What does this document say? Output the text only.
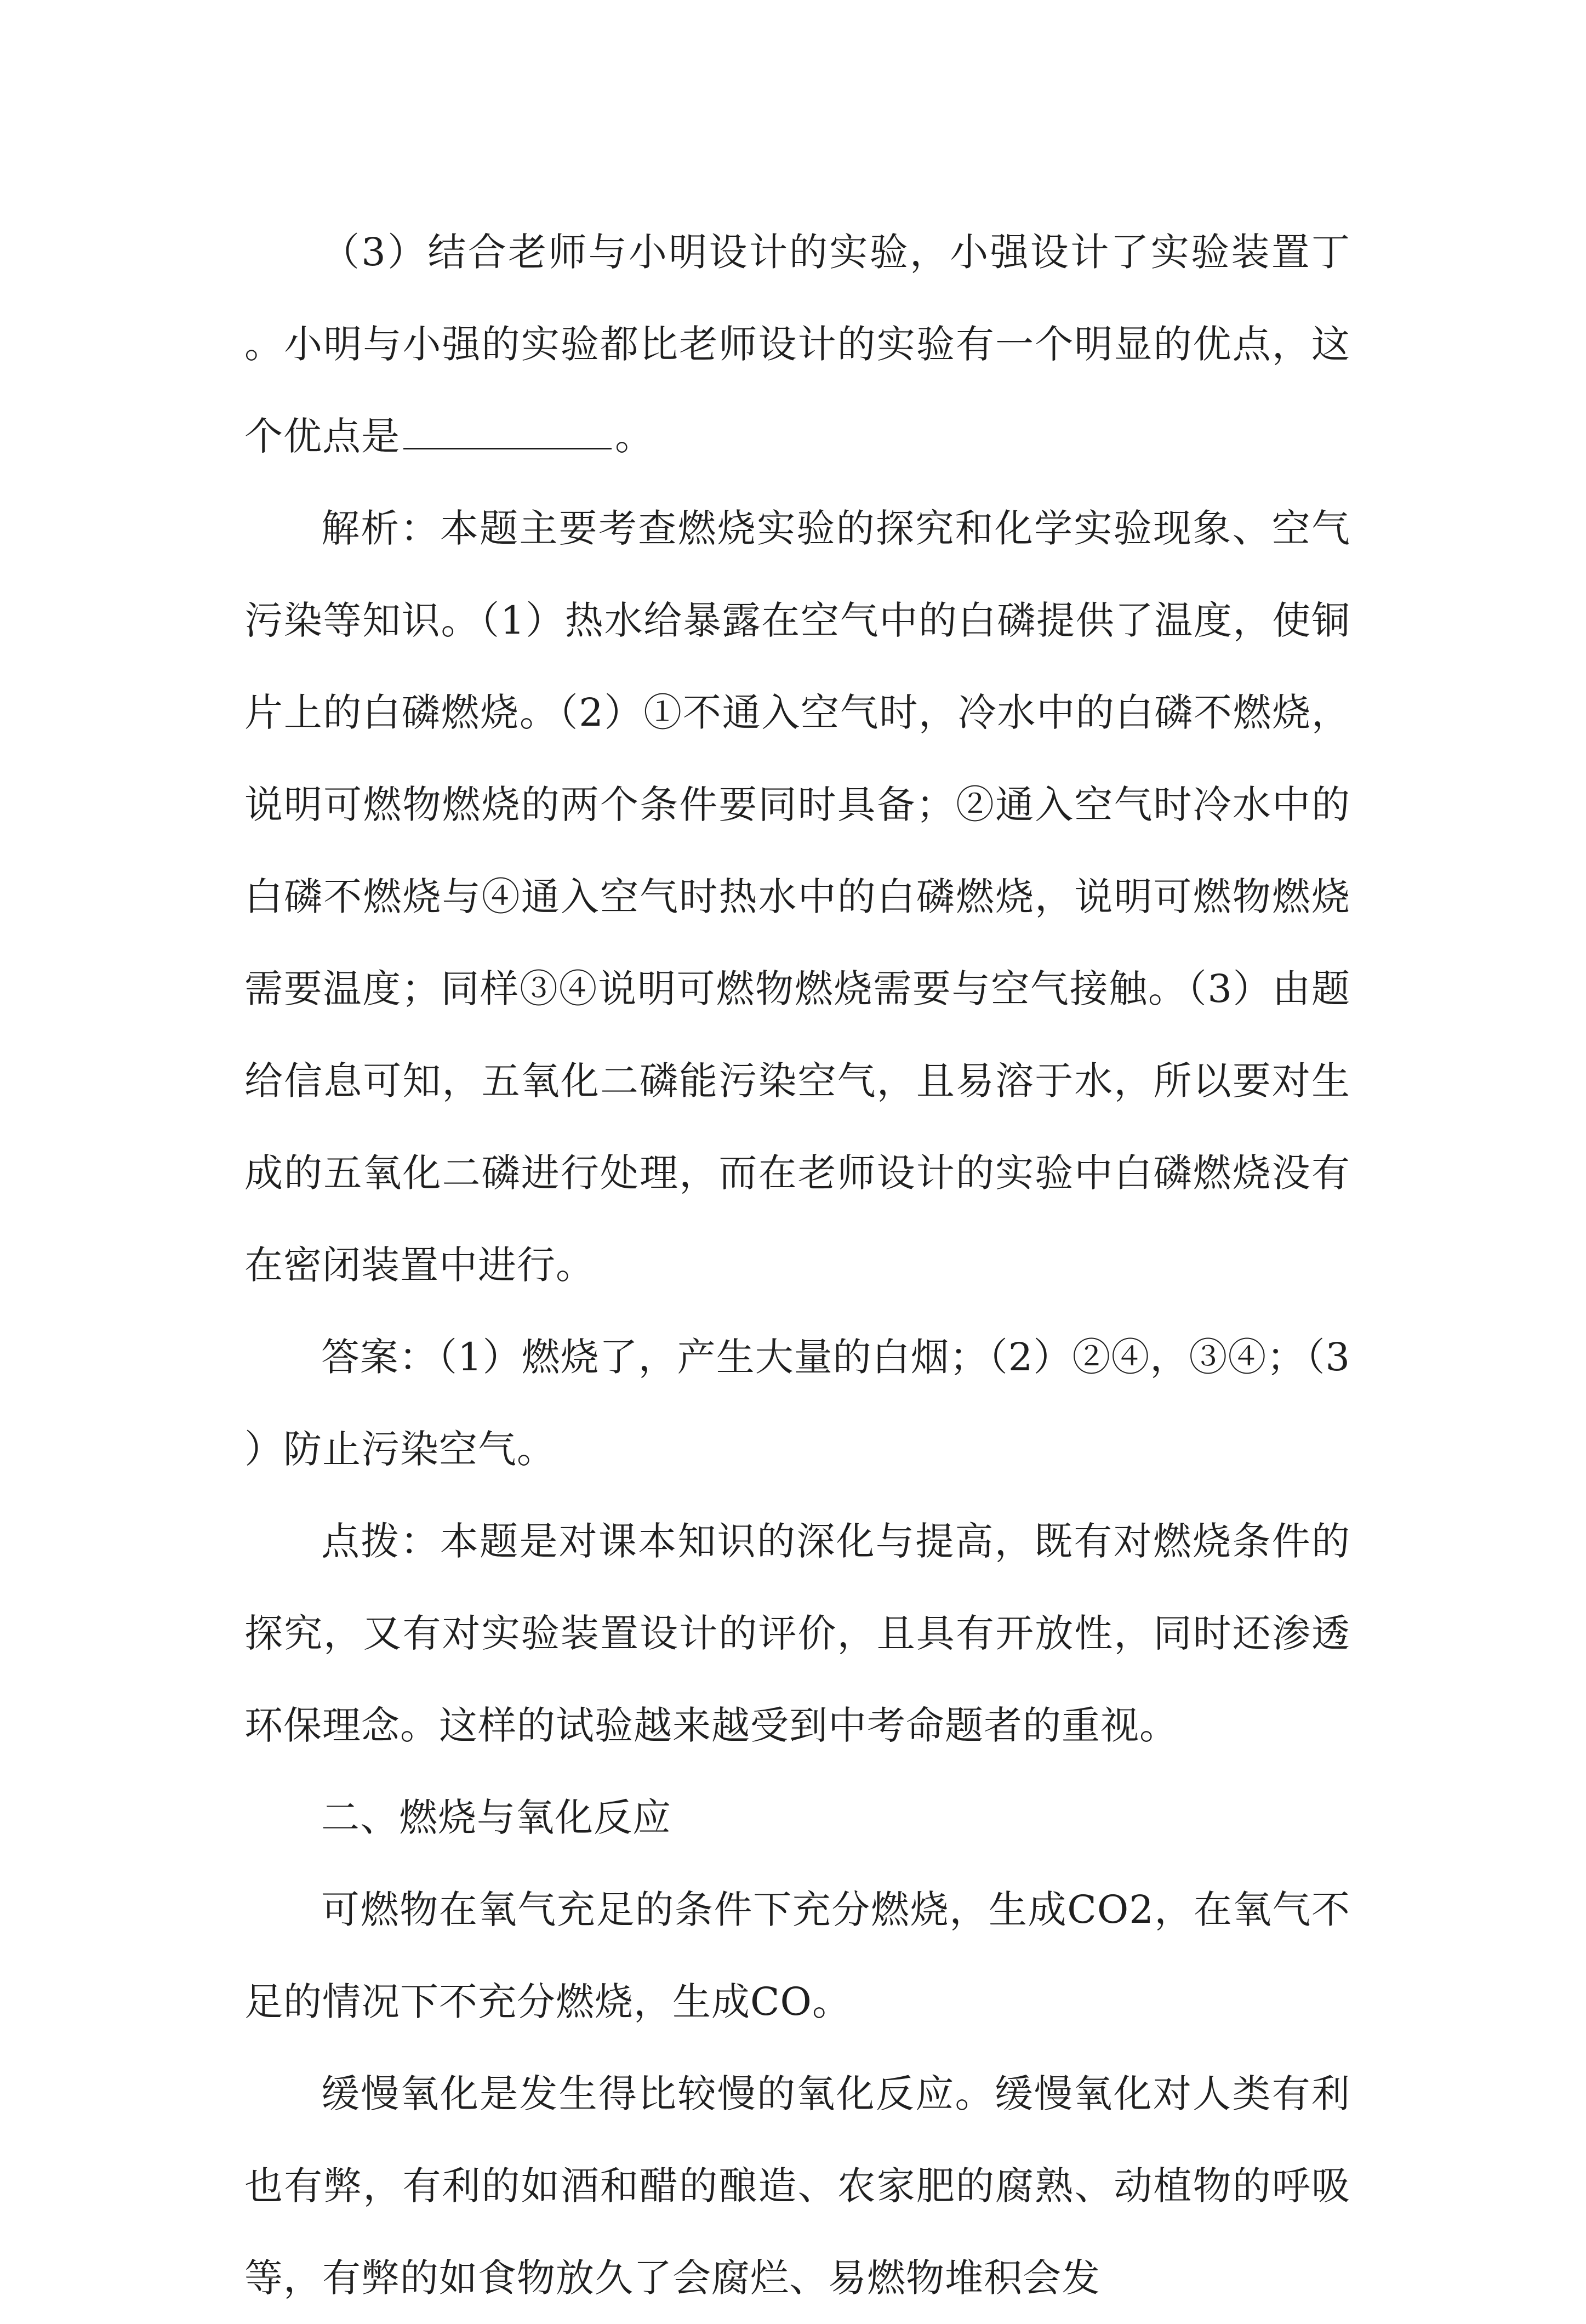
（3）结合老师与小明设计的实验，小强设计了实验装置丁。小明与小强的实验都比老师设计的实验有一个明显的优点，这个优点是	。

解析：本题主要考查燃烧实验的探究和化学实验现象、空气污染等知识。（1）热水给暴露在空气中的白磷提供了温度，使铜片上的白磷燃烧。（2）①不通入空气时，冷水中的白磷不燃烧，说明可燃物燃烧的两个条件要同时具备；②通入空气时冷水中的白磷不燃烧与④通入空气时热水中的白磷燃烧，说明可燃物燃烧需要温度；同样③④说明可燃物燃烧需要与空气接触。（3）由题给信息可知，五氧化二磷能污染空气，且易溶于水，所以要对生成的五氧化二磷进行处理，而在老师设计的实验中白磷燃烧没有在密闭装置中进行。

答案：（1）燃烧了，产生大量的白烟；（2）②④，③④；（3）防止污染空气。

点拨：本题是对课本知识的深化与提高，既有对燃烧条件的探究，又有对实验装置设计的评价，且具有开放性，同时还渗透环保理念。这样的试验越来越受到中考命题者的重视。

二、燃烧与氧化反应

可燃物在氧气充足的条件下充分燃烧，生成CO2，在氧气不足的情况下不充分燃烧，生成CO。

缓慢氧化是发生得比较慢的氧化反应。缓慢氧化对人类有利也有弊，有利的如酒和醋的酿造、农家肥的腐熟、动植物的呼吸等，有弊的如食物放久了会腐烂、易燃物堆积会发
